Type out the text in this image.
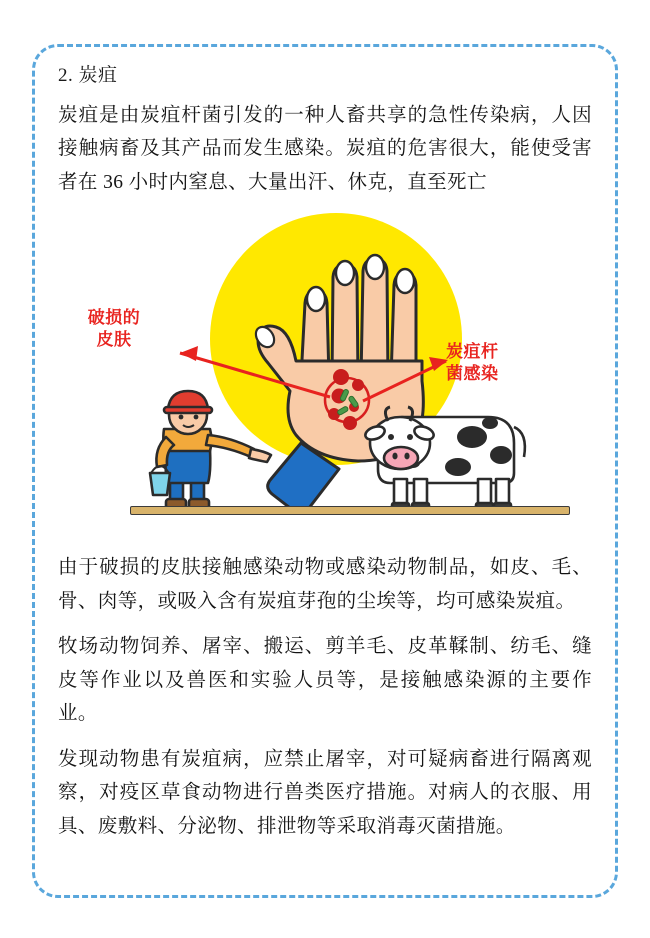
2. 炭疽
炭疽是由炭疽杆菌引发的一种人畜共享的急性传染病，人因接触病畜及其产品而发生感染。炭疽的危害很大，能使受害者在 36 小时内窒息、大量出汗、休克，直至死亡
破损的
皮肤
炭疽杆
菌感染
由于破损的皮肤接触感染动物或感染动物制品，如皮、毛、骨、肉等，或吸入含有炭疽芽孢的尘埃等，均可感染炭疽。
牧场动物饲养、屠宰、搬运、剪羊毛、皮革鞣制、纺毛、缝皮等作业以及兽医和实验人员等，是接触感染源的主要作业。
发现动物患有炭疽病，应禁止屠宰，对可疑病畜进行隔离观察，对疫区草食动物进行兽类医疗措施。对病人的衣服、用具、废敷料、分泌物、排泄物等采取消毒灭菌措施。
